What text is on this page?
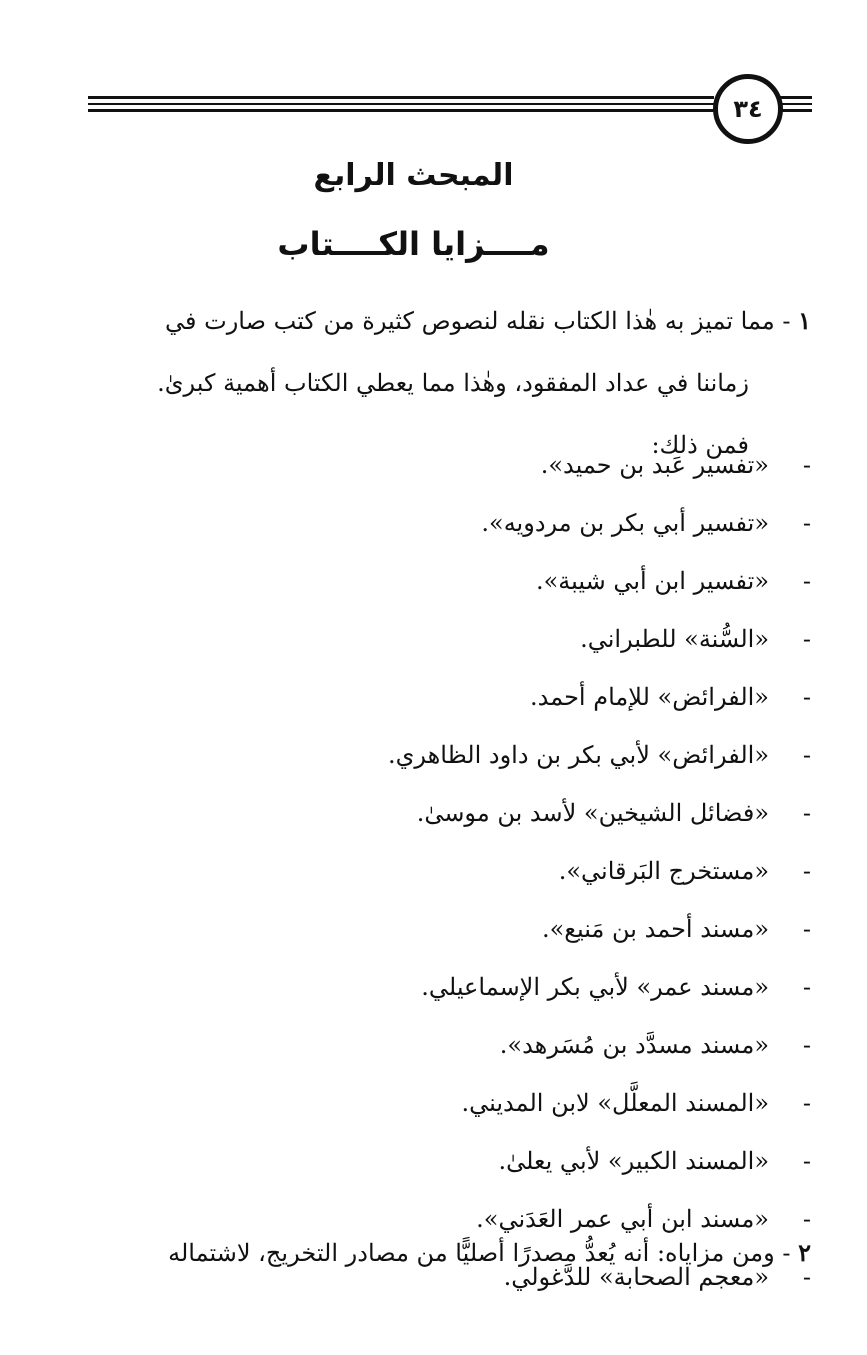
٣٤
المبحث الرابع
مــــزايا الكــــتاب
١ - مما تميز به هٰذا الكتاب نقله لنصوص كثيرة من كتب صارت في
زماننا في عداد المفقود، وهٰذا مما يعطي الكتاب أهمية كبرىٰ.
فمن ذلك:
-«تفسير عَبد بن حميد».
-«تفسير أبي بكر بن مردويه».
-«تفسير ابن أبي شيبة».
-«السُّنة» للطبراني.
-«الفرائض» للإمام أحمد.
-«الفرائض» لأبي بكر بن داود الظاهري.
-«فضائل الشيخين» لأسد بن موسىٰ.
-«مستخرج البَرقاني».
-«مسند أحمد بن مَنيع».
-«مسند عمر» لأبي بكر الإسماعيلي.
-«مسند مسدَّد بن مُسَرهد».
-«المسند المعلَّل» لابن المديني.
-«المسند الكبير» لأبي يعلىٰ.
-«مسند ابن أبي عمر العَدَني».
-«معجم الصحابة» للدَّغولي.
٢ - ومن مزاياه: أنه يُعدُّ مصدرًا أصليًّا من مصادر التخريج، لاشتماله
